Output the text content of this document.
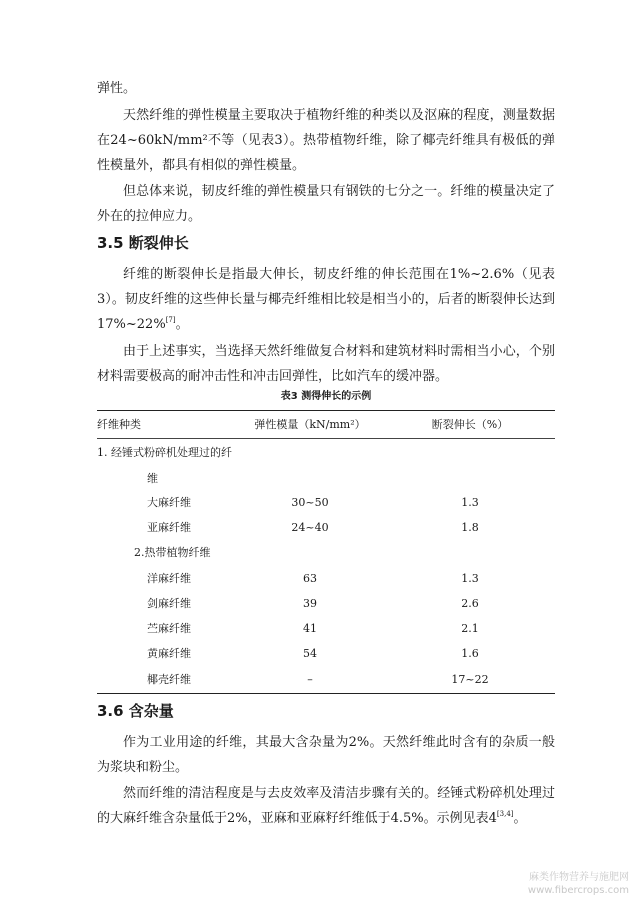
弹性。

天然纤维的弹性模量主要取决于植物纤维的种类以及沤麻的程度，测量数据在24~60kN/mm²不等（见表3）。热带植物纤维，除了椰壳纤维具有极低的弹性模量外，都具有相似的弹性模量。

但总体来说，韧皮纤维的弹性模量只有钢铁的七分之一。纤维的模量决定了外在的拉伸应力。

3.5 断裂伸长

纤维的断裂伸长是指最大伸长，韧皮纤维的伸长范围在1%~2.6%（见表3）。韧皮纤维的这些伸长量与椰壳纤维相比较是相当小的，后者的断裂伸长达到17%~22%[7]。

由于上述事实，当选择天然纤维做复合材料和建筑材料时需相当小心，个别材料需要极高的耐冲击性和冲击回弹性，比如汽车的缓冲器。

表3 测得伸长的示例

纤维种类	弹性模量（kN/mm²）	断裂伸长（%）
1. 经锤式粉碎机处理过的纤
维
大麻纤维	30~50	1.3
亚麻纤维	24~40	1.8
2.热带植物纤维
洋麻纤维	63	1.3
剑麻纤维	39	2.6
苎麻纤维	41	2.1
黄麻纤维	54	1.6
椰壳纤维	–	17~22
3.6 含杂量

作为工业用途的纤维，其最大含杂量为2%。天然纤维此时含有的杂质一般为浆块和粉尘。

然而纤维的清洁程度是与去皮效率及清洁步骤有关的。经锤式粉碎机处理过的大麻纤维含杂量低于2%，亚麻和亚麻籽纤维低于4.5%。示例见表4[3,4]。

麻类作物营养与施肥网
www.fibercrops.com
